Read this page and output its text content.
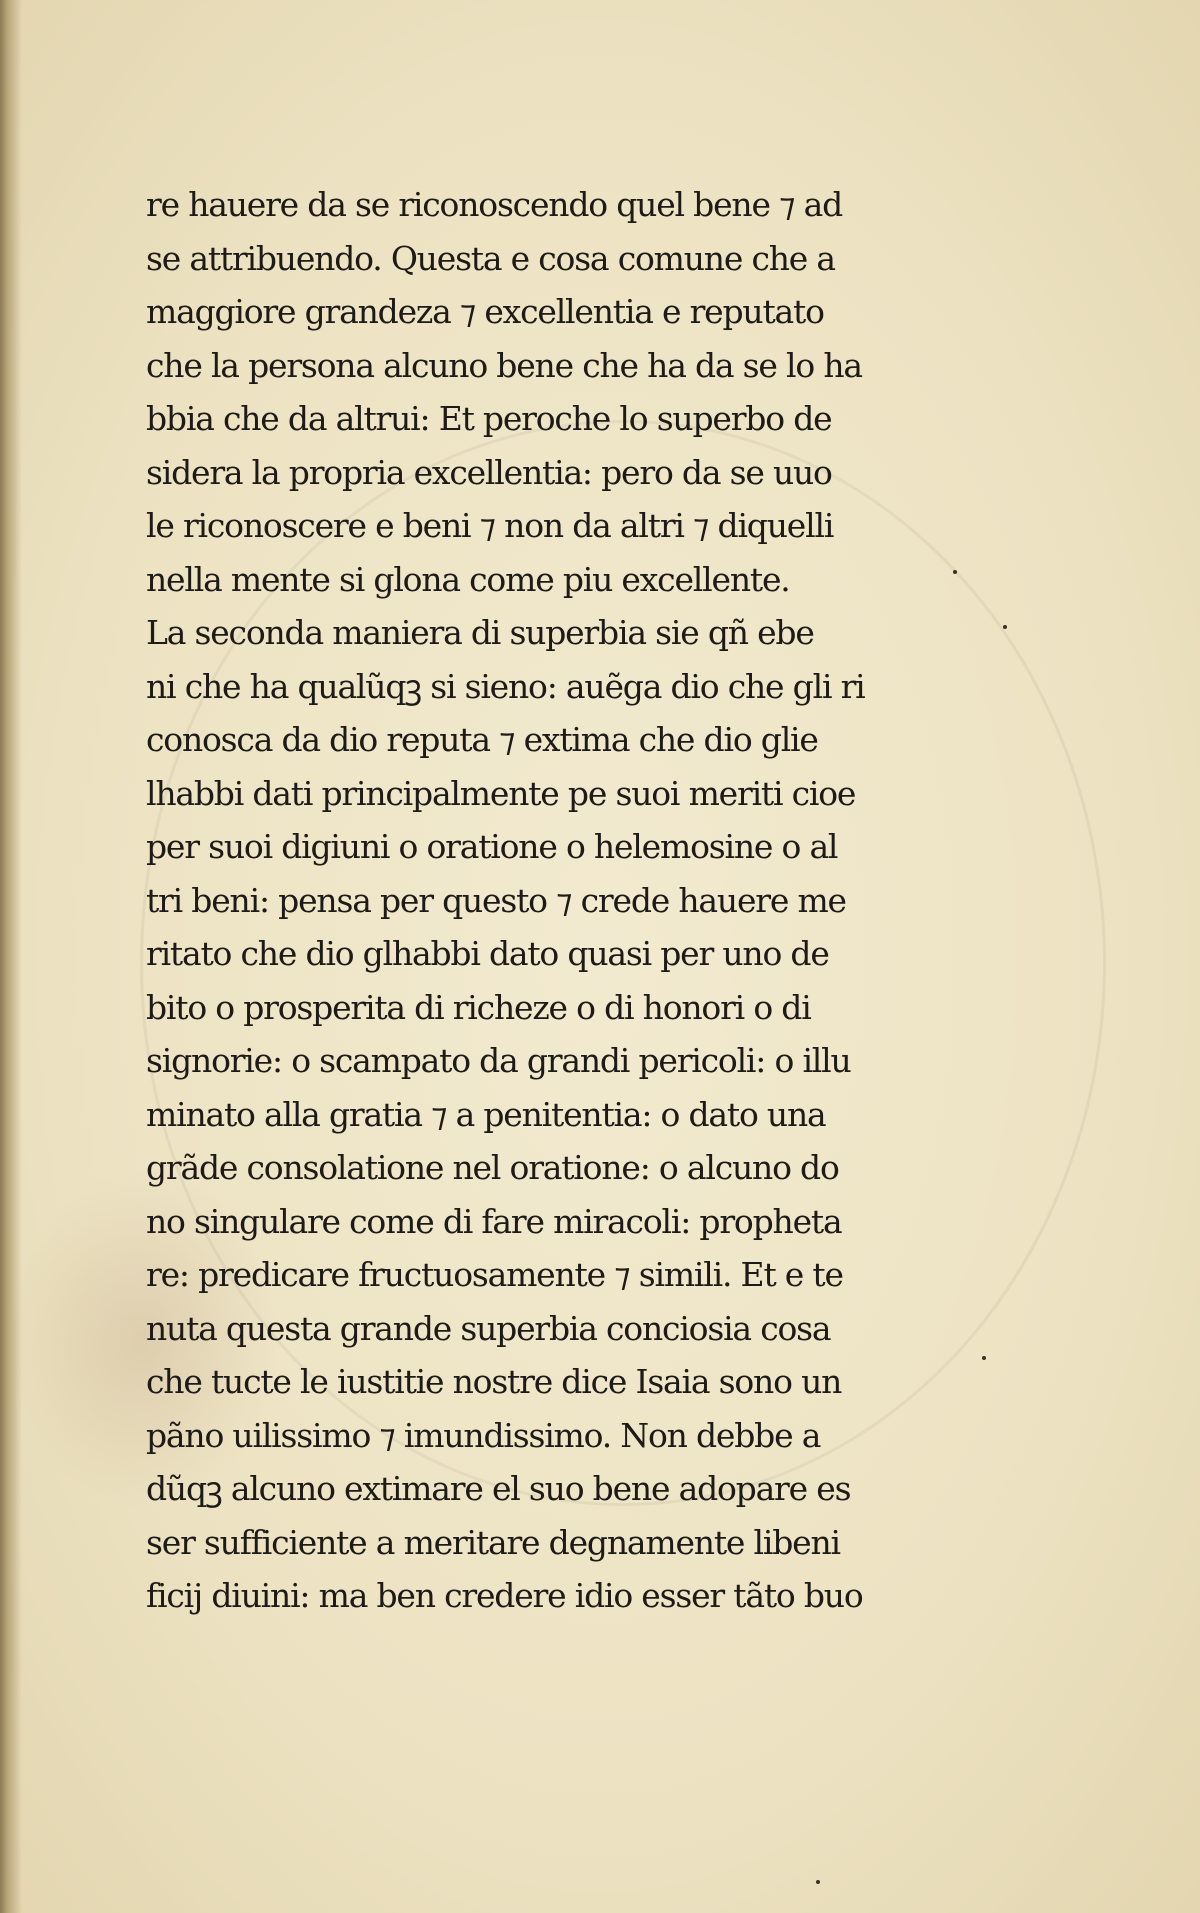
re hauere da se riconoscendo quel bene ⁊ ad
se attribuendo. Questa e cosa comune che a
maggiore grandeza ⁊ excellentia e reputato
che la persona alcuno bene che ha da se lo ha
bbia che da altrui: Et peroche lo superbo de
sidera la propria excellentia: pero da se uuo
le riconoscere e beni ⁊ non da altri ⁊ diquelli
nella mente si glona come piu excellente.
La seconda maniera di superbia sie qñ ebe
ni che ha qualũqꝫ si sieno: auẽga dio che gli ri
conosca da dio reputa ⁊ extima che dio glie
lhabbi dati principalmente pe suoi meriti cioe
per suoi digiuni o oratione o helemosine o al
tri beni: pensa per questo ⁊ crede hauere me
ritato che dio glhabbi dato quasi per uno de
bito o prosperita di richeze o di honori o di
signorie: o scampato da grandi pericoli: o illu
minato alla gratia ⁊ a penitentia: o dato una
grãde consolatione nel oratione: o alcuno do
no singulare come di fare miracoli: propheta
re: predicare fructuosamente ⁊ simili. Et e te
nuta questa grande superbia conciosia cosa
che tucte le iustitie nostre dice Isaia sono un
pãno uilissimo ⁊ imundissimo. Non debbe a
dũqꝫ alcuno extimare el suo bene adopare es
ser sufficiente a meritare degnamente libeni
ficij diuini: ma ben credere idio esser tãto buo
